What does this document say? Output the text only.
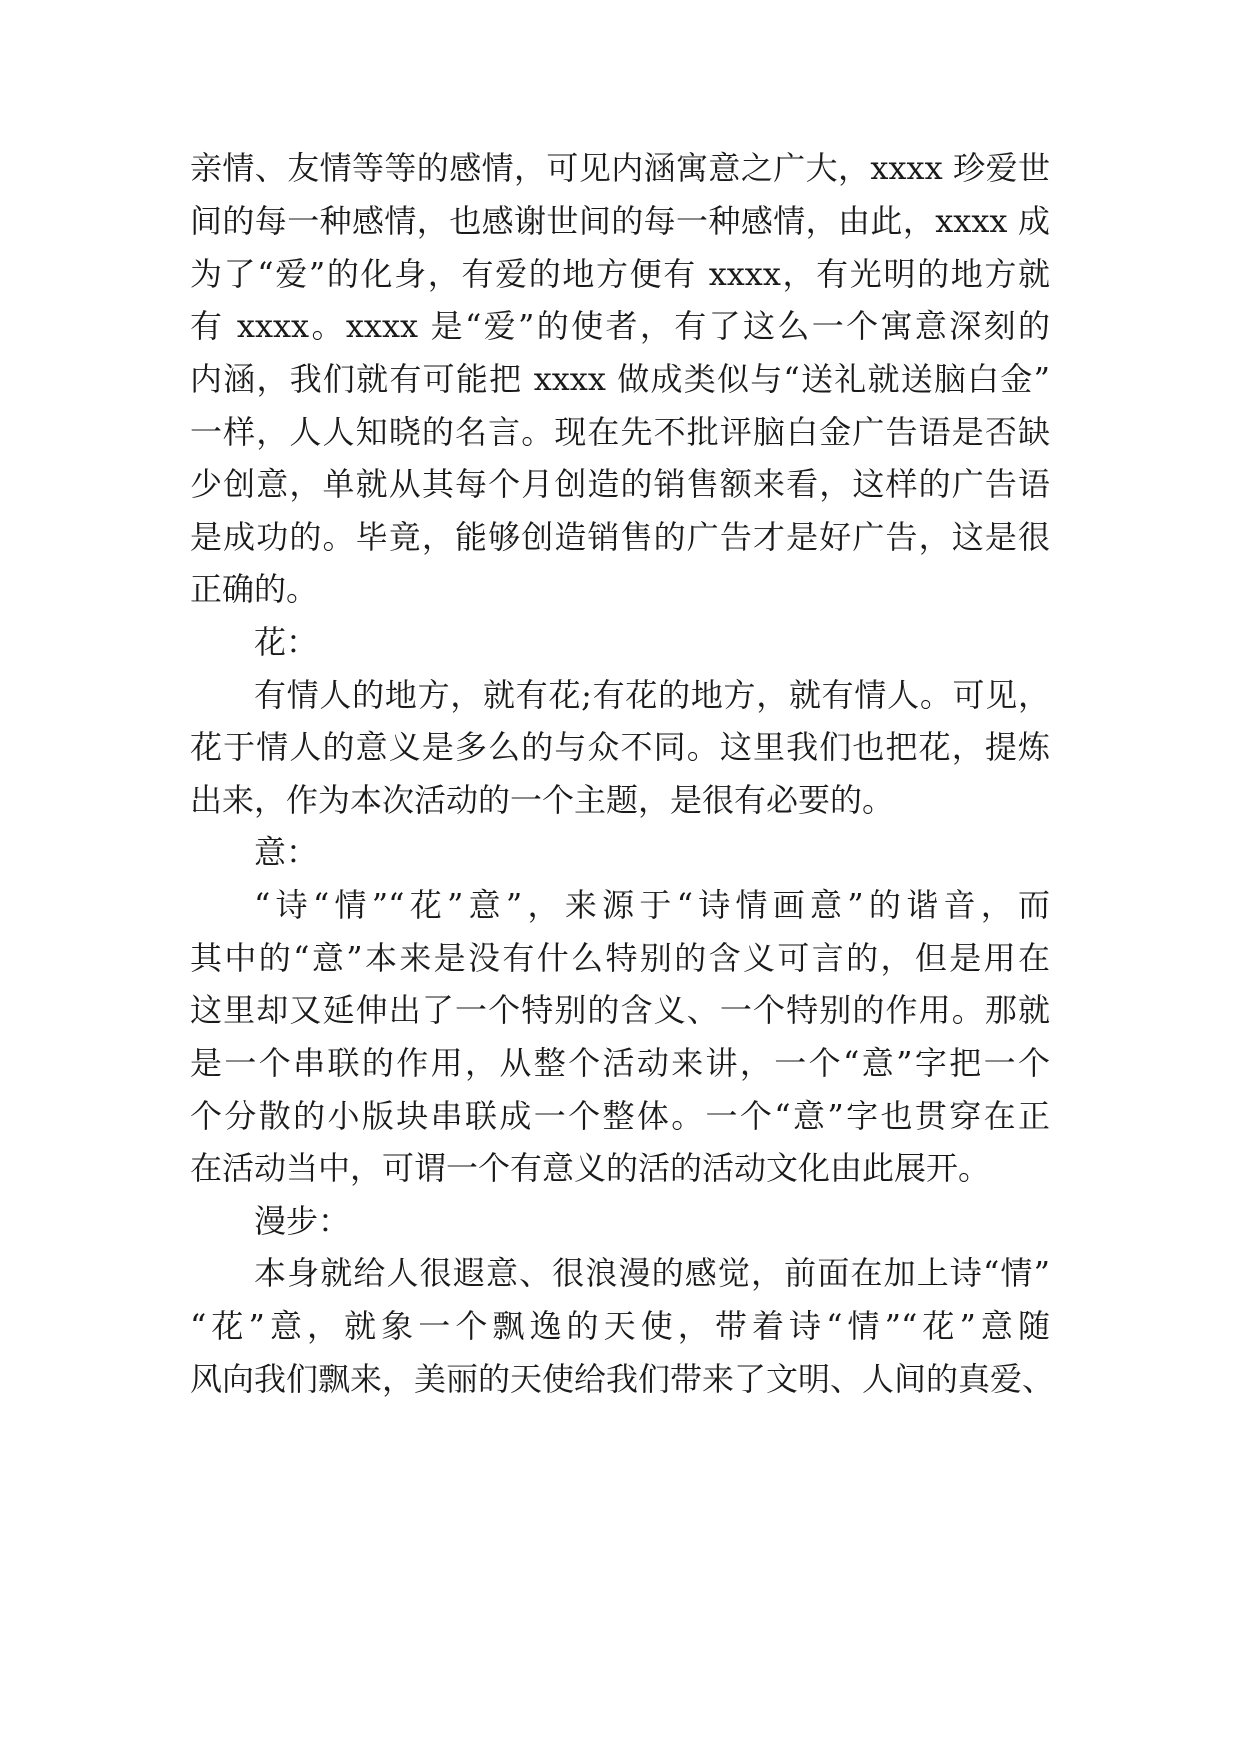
亲情、友情等等的感情，可见内涵寓意之广大，xxxx 珍爱世
间的每一种感情，也感谢世间的每一种感情，由此，xxxx 成
为了“爱”的化身，有爱的地方便有 xxxx，有光明的地方就
有 xxxx。xxxx 是“爱”的使者，有了这么一个寓意深刻的
内涵，我们就有可能把 xxxx 做成类似与“送礼就送脑白金”
一样，人人知晓的名言。现在先不批评脑白金广告语是否缺
少创意，单就从其每个月创造的销售额来看，这样的广告语
是成功的。毕竟，能够创造销售的广告才是好广告，这是很
正确的。
花：
有情人的地方，就有花;有花的地方，就有情人。可见，
花于情人的意义是多么的与众不同。这里我们也把花，提炼
出来，作为本次活动的一个主题，是很有必要的。
意：
“诗“情”“花”意”，来源于“诗情画意”的谐音，而
其中的“意”本来是没有什么特别的含义可言的，但是用在
这里却又延伸出了一个特别的含义、一个特别的作用。那就
是一个串联的作用，从整个活动来讲，一个“意”字把一个
个分散的小版块串联成一个整体。一个“意”字也贯穿在正
在活动当中，可谓一个有意义的活的活动文化由此展开。
漫步：
本身就给人很遐意、很浪漫的感觉，前面在加上诗“情”
“花”意，就象一个飘逸的天使，带着诗“情”“花”意随
风向我们飘来，美丽的天使给我们带来了文明、人间的真爱、
